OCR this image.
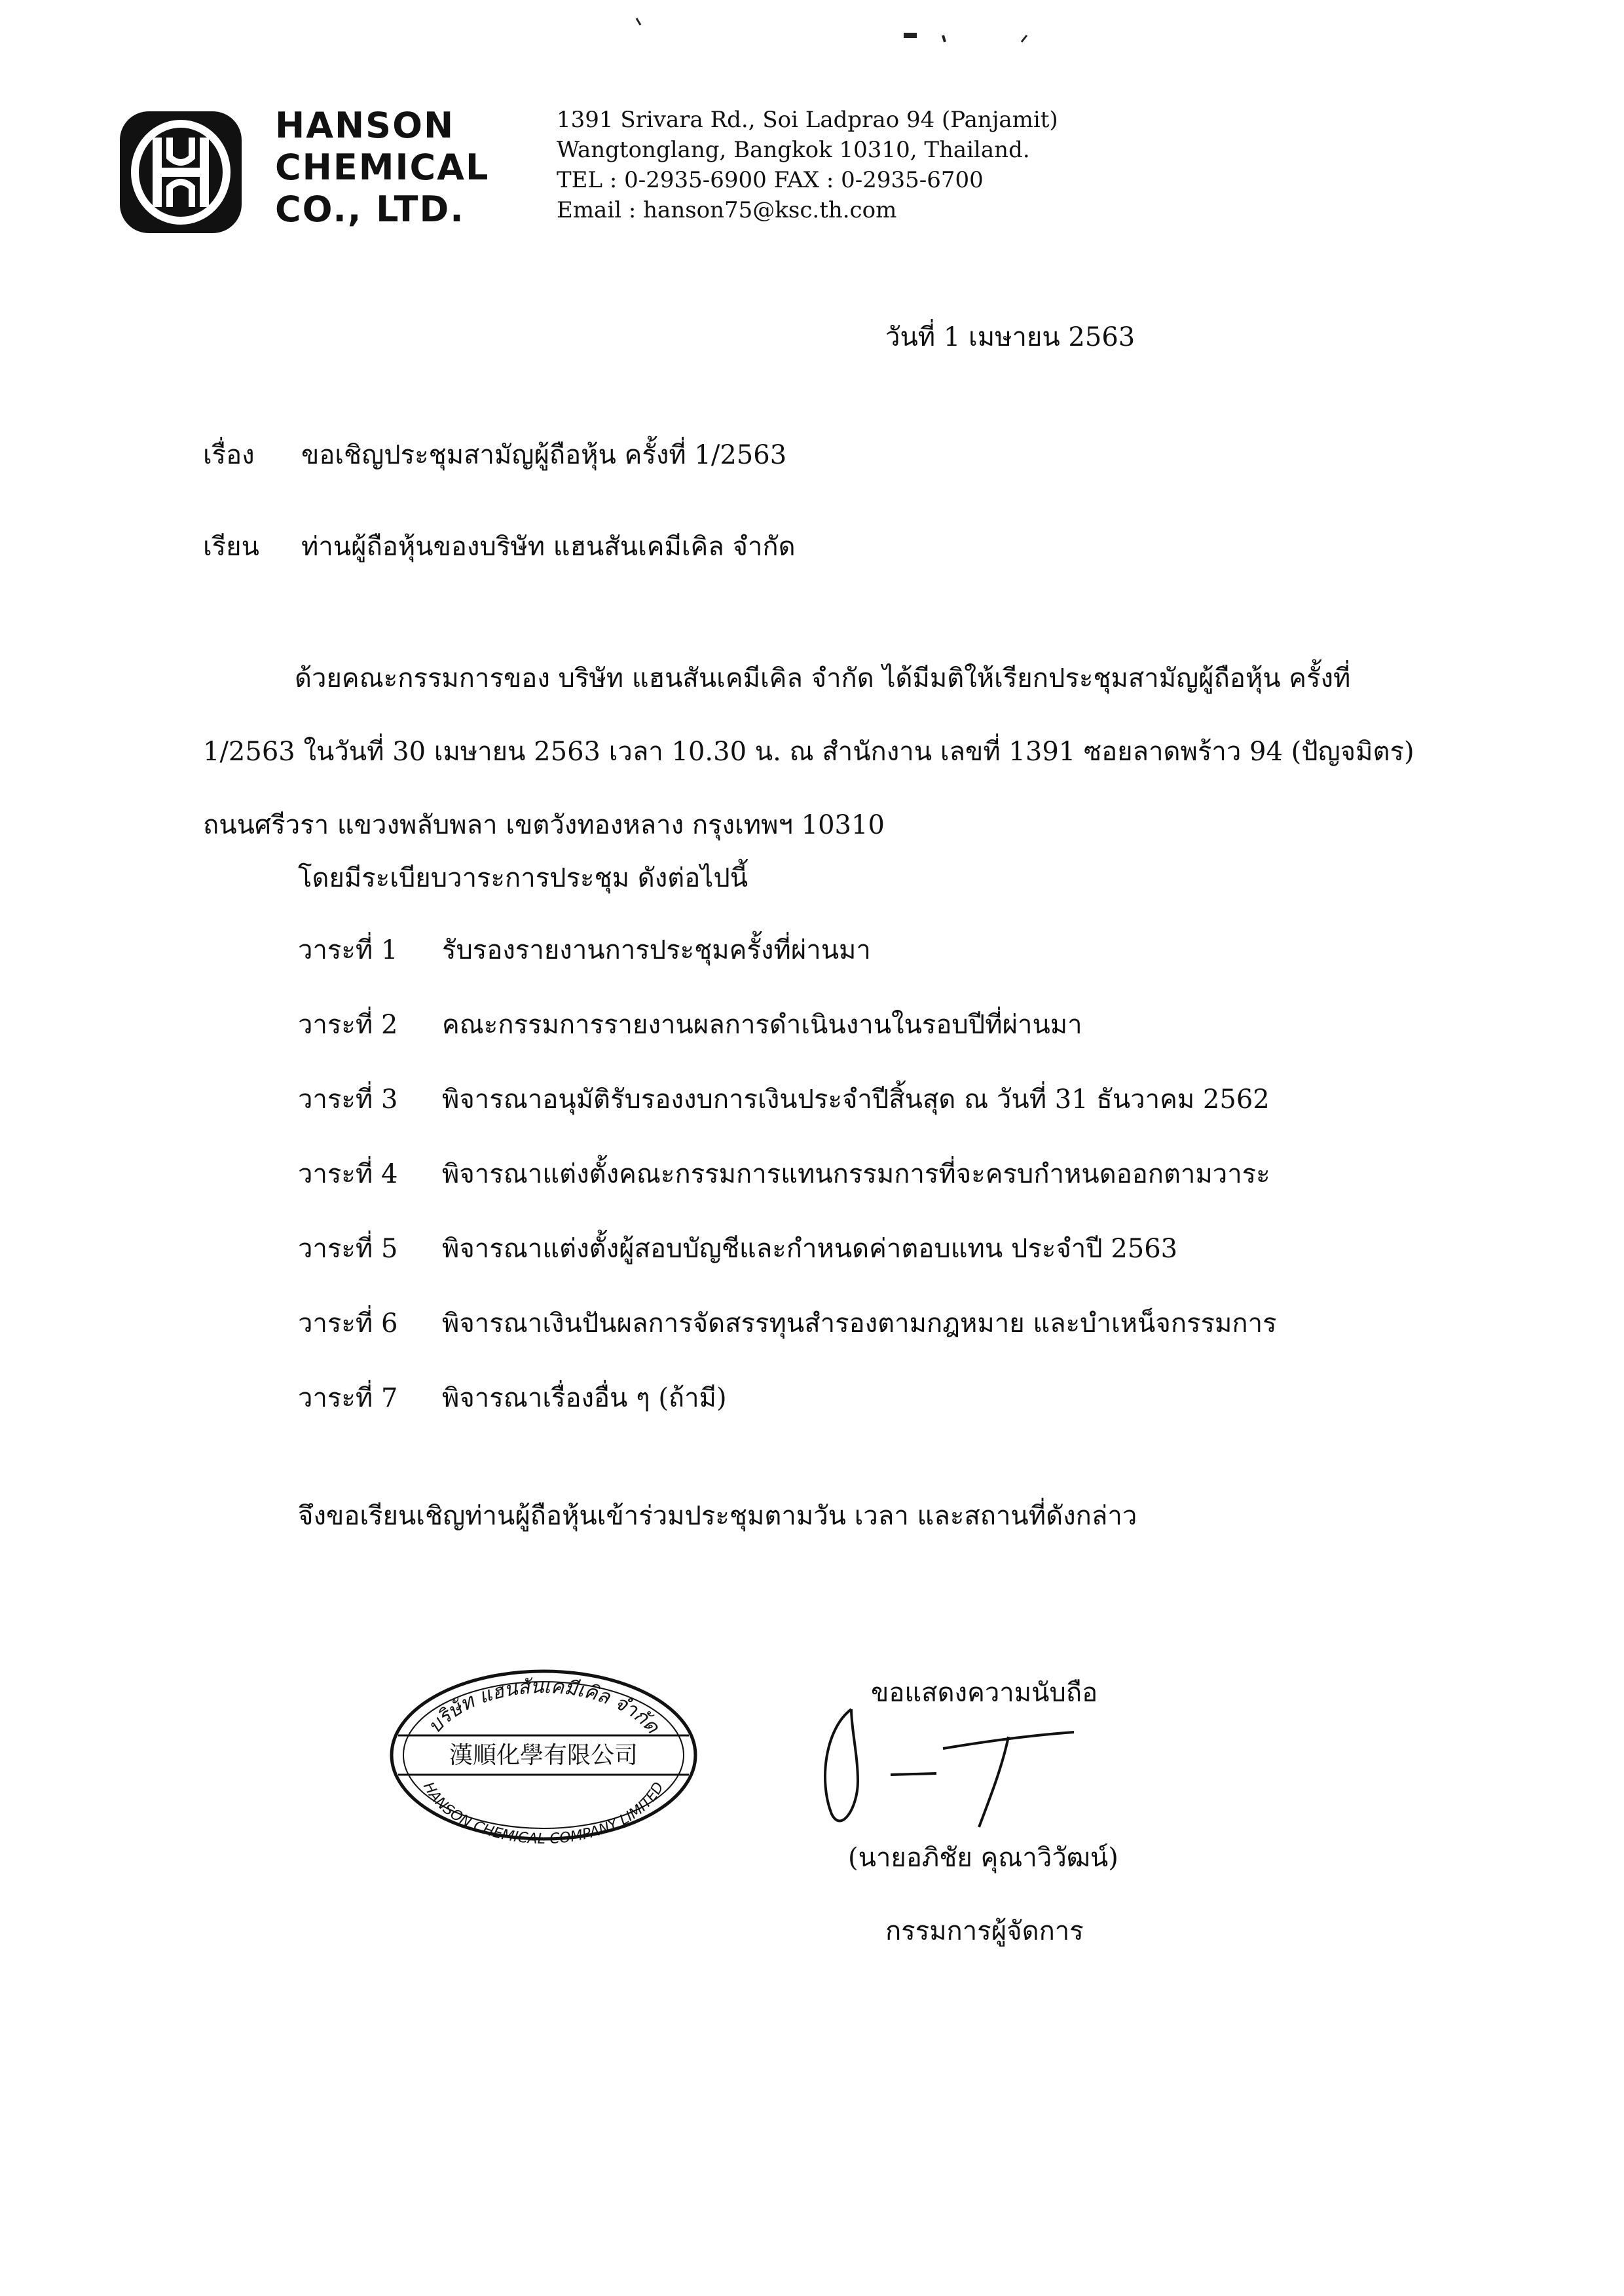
HANSON
CHEMICAL
CO., LTD.
1391 Srivara Rd., Soi Ladprao 94 (Panjamit)
Wangtonglang, Bangkok 10310, Thailand.
TEL : 0-2935-6900 FAX : 0-2935-6700
Email : hanson75@ksc.th.com
วันที่ 1 เมษายน 2563
เรื่อง ขอเชิญประชุมสามัญผู้ถือหุ้น ครั้งที่ 1/2563
เรียน ท่านผู้ถือหุ้นของบริษัท แฮนสันเคมีเคิล จำกัด
ด้วยคณะกรรมการของ บริษัท แฮนสันเคมีเคิล จำกัด ได้มีมติให้เรียกประชุมสามัญผู้ถือหุ้น ครั้งที่ 1/2563 ในวันที่ 30 เมษายน 2563 เวลา 10.30 น. ณ สำนักงาน เลขที่ 1391 ซอยลาดพร้าว 94 (ปัญจมิตร) ถนนศรีวรา แขวงพลับพลา เขตวังทองหลาง กรุงเทพฯ 10310
โดยมีระเบียบวาระการประชุม ดังต่อไปนี้
วาระที่ 1 รับรองรายงานการประชุมครั้งที่ผ่านมา
วาระที่ 2 คณะกรรมการรายงานผลการดำเนินงานในรอบปีที่ผ่านมา
วาระที่ 3 พิจารณาอนุมัติรับรองงบการเงินประจำปีสิ้นสุด ณ วันที่ 31 ธันวาคม 2562
วาระที่ 4 พิจารณาแต่งตั้งคณะกรรมการแทนกรรมการที่จะครบกำหนดออกตามวาระ
วาระที่ 5 พิจารณาแต่งตั้งผู้สอบบัญชีและกำหนดค่าตอบแทน ประจำปี 2563
วาระที่ 6 พิจารณาเงินปันผลการจัดสรรทุนสำรองตามกฎหมาย และบำเหน็จกรรมการ
วาระที่ 7 พิจารณาเรื่องอื่น ๆ (ถ้ามี)
จึงขอเรียนเชิญท่านผู้ถือหุ้นเข้าร่วมประชุมตามวัน เวลา และสถานที่ดังกล่าว
ขอแสดงความนับถือ
(นายอภิชัย คุณาวิวัฒน์)
กรรมการผู้จัดการ
บริษัท แฮนสันเคมีเคิล จำกัด
漢順化學有限公司
HANSON CHEMICAL COMPANY LIMITED
